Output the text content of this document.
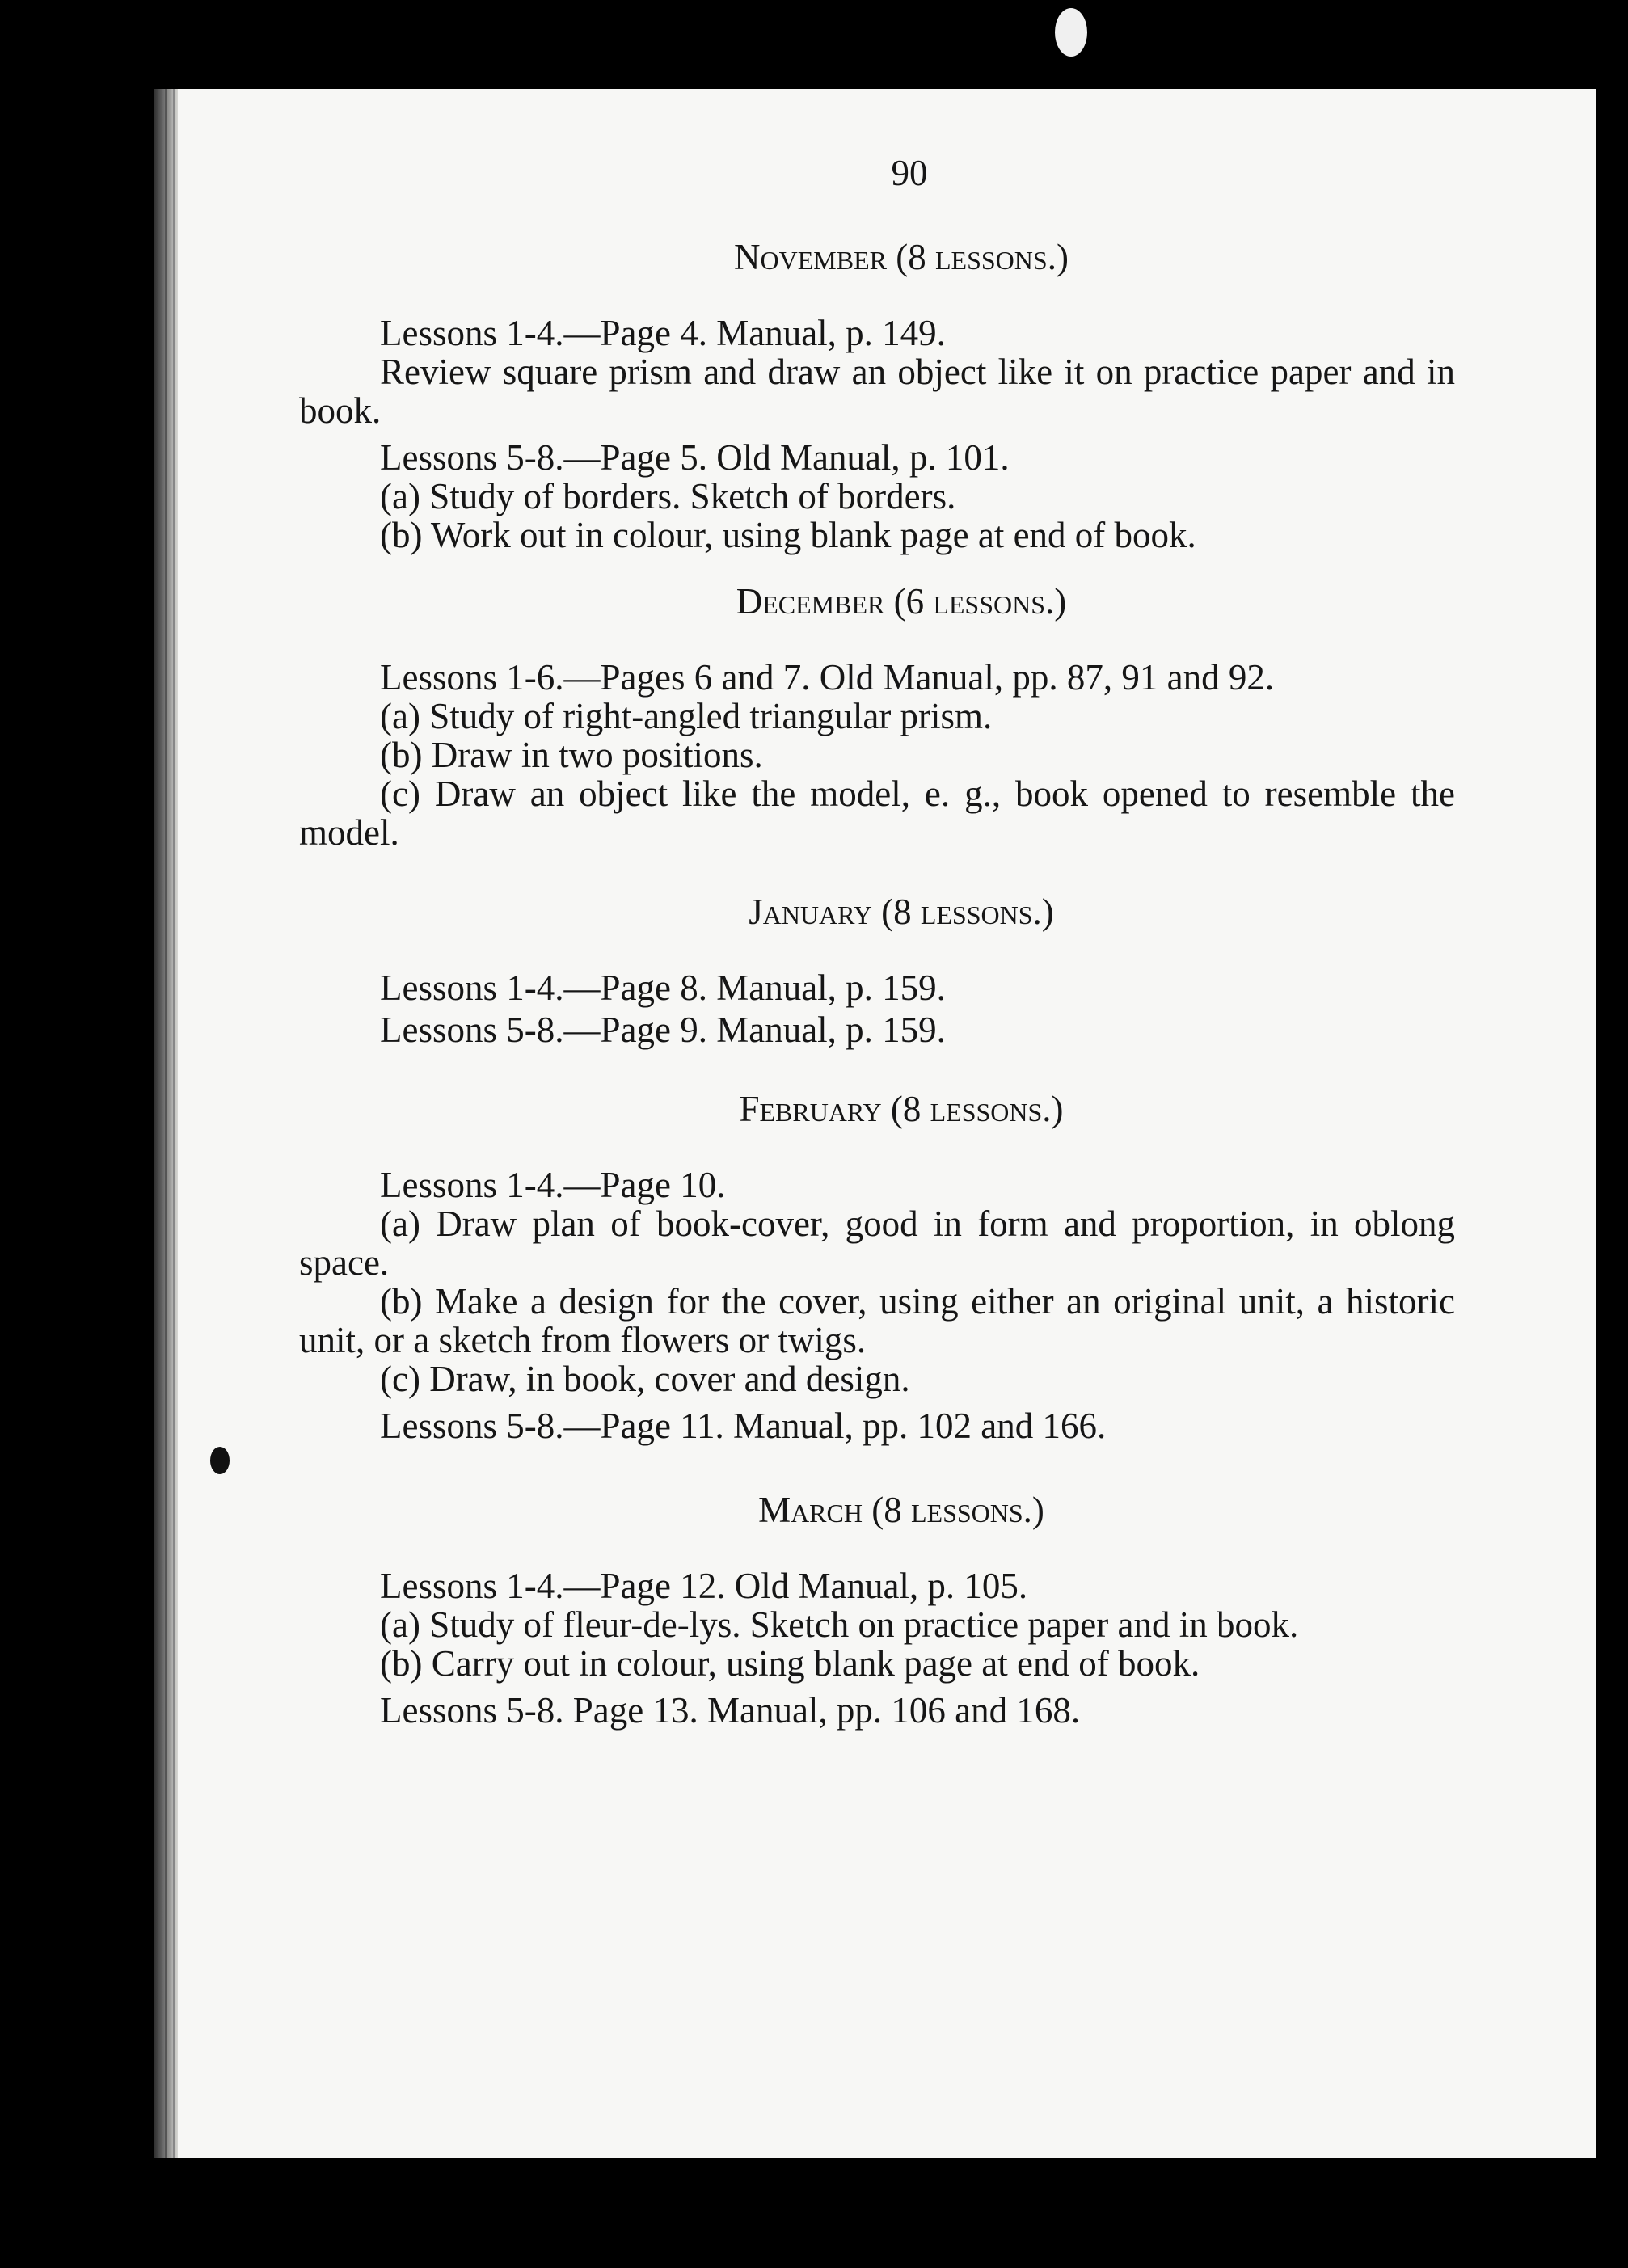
90
November (8 lessons.)

Lessons 1-4.—Page 4. Manual, p. 149.

Review square prism and draw an object like it on practice paper and in book.

Lessons 5-8.—Page 5. Old Manual, p. 101.

(a) Study of borders. Sketch of borders.

(b) Work out in colour, using blank page at end of book.

December (6 lessons.)

Lessons 1-6.—Pages 6 and 7. Old Manual, pp. 87, 91 and 92.

(a) Study of right-angled triangular prism.

(b) Draw in two positions.

(c) Draw an object like the model, e. g., book opened to resemble the model.

January (8 lessons.)

Lessons 1-4.—Page 8. Manual, p. 159.

Lessons 5-8.—Page 9. Manual, p. 159.

February (8 lessons.)

Lessons 1-4.—Page 10.

(a) Draw plan of book-cover, good in form and proportion, in oblong space.

(b) Make a design for the cover, using either an original unit, a historic unit, or a sketch from flowers or twigs.

(c) Draw, in book, cover and design.

Lessons 5-8.—Page 11. Manual, pp. 102 and 166.

March (8 lessons.)

Lessons 1-4.—Page 12. Old Manual, p. 105.

(a) Study of fleur-de-lys. Sketch on practice paper and in book.

(b) Carry out in colour, using blank page at end of book.

Lessons 5-8. Page 13. Manual, pp. 106 and 168.
